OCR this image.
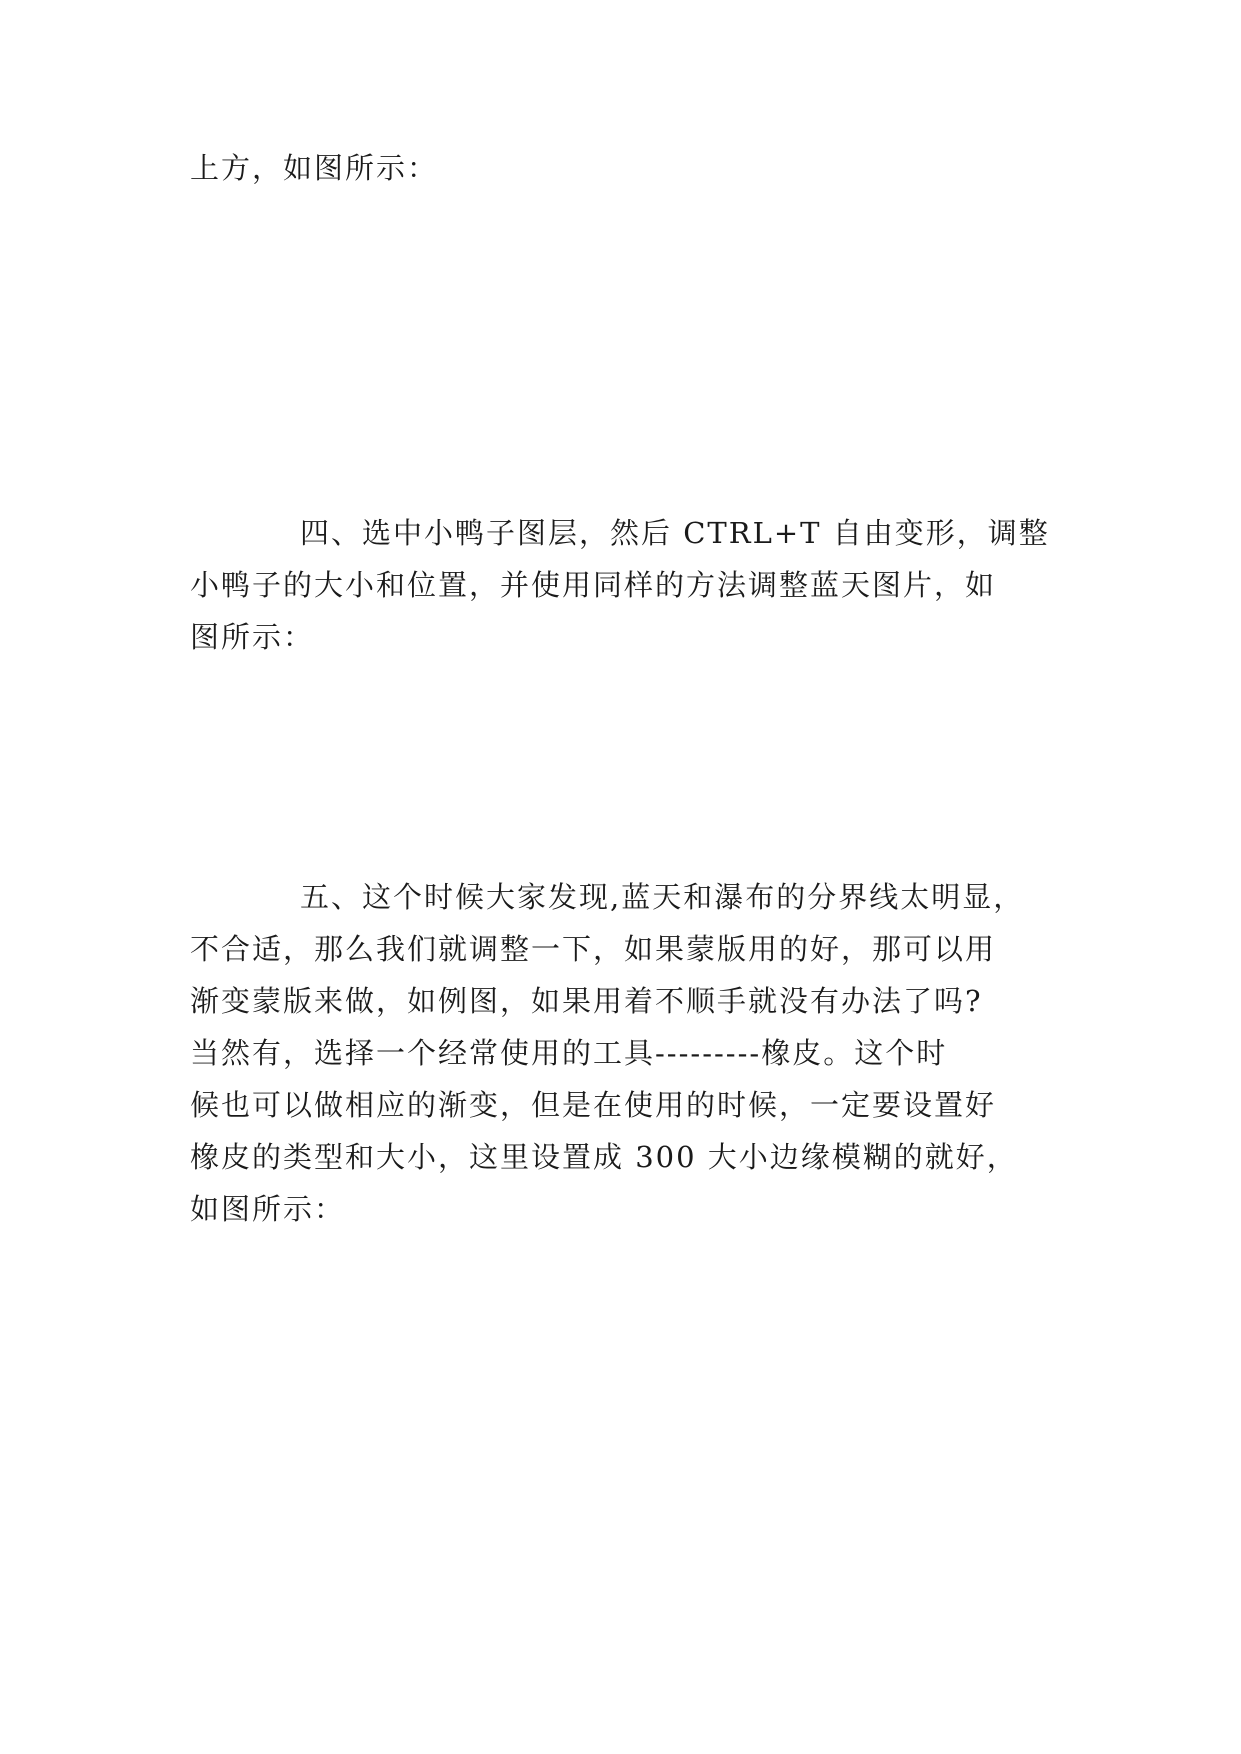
上方，如图所示：
四、选中小鸭子图层，然后 CTRL+T 自由变形，调整
小鸭子的大小和位置，并使用同样的方法调整蓝天图片，如
图所示：
五、这个时候大家发现,蓝天和瀑布的分界线太明显，
不合适，那么我们就调整一下，如果蒙版用的好，那可以用
渐变蒙版来做，如例图，如果用着不顺手就没有办法了吗?
当然有，选择一个经常使用的工具---------橡皮。这个时
候也可以做相应的渐变，但是在使用的时候，一定要设置好
橡皮的类型和大小，这里设置成 300 大小边缘模糊的就好，
如图所示：
